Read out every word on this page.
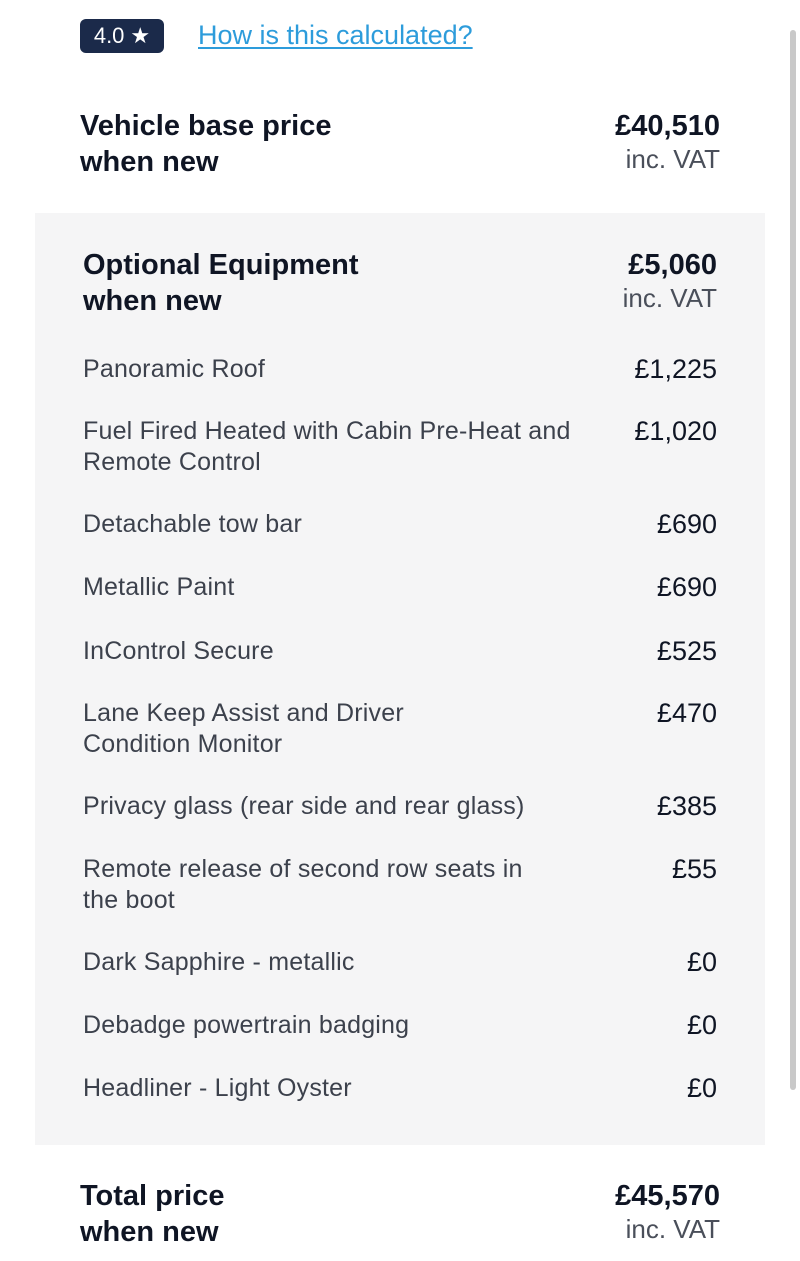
4.0 ★ How is this calculated?
Vehicle base price
when new
£40,510
inc. VAT
Optional Equipment
when new
£5,060
inc. VAT
Panoramic Roof	£1,225
Fuel Fired Heated with Cabin Pre-Heat and
Remote Control
£1,020
Detachable tow bar	£690
Metallic Paint	£690
InControl Secure	£525
Lane Keep Assist and Driver
Condition Monitor
£470
Privacy glass (rear side and rear glass)	£385
Remote release of second row seats in
the boot
£55
Dark Sapphire - metallic	£0
Debadge powertrain badging	£0
Headliner - Light Oyster	£0
Total price
when new
£45,570
inc. VAT
